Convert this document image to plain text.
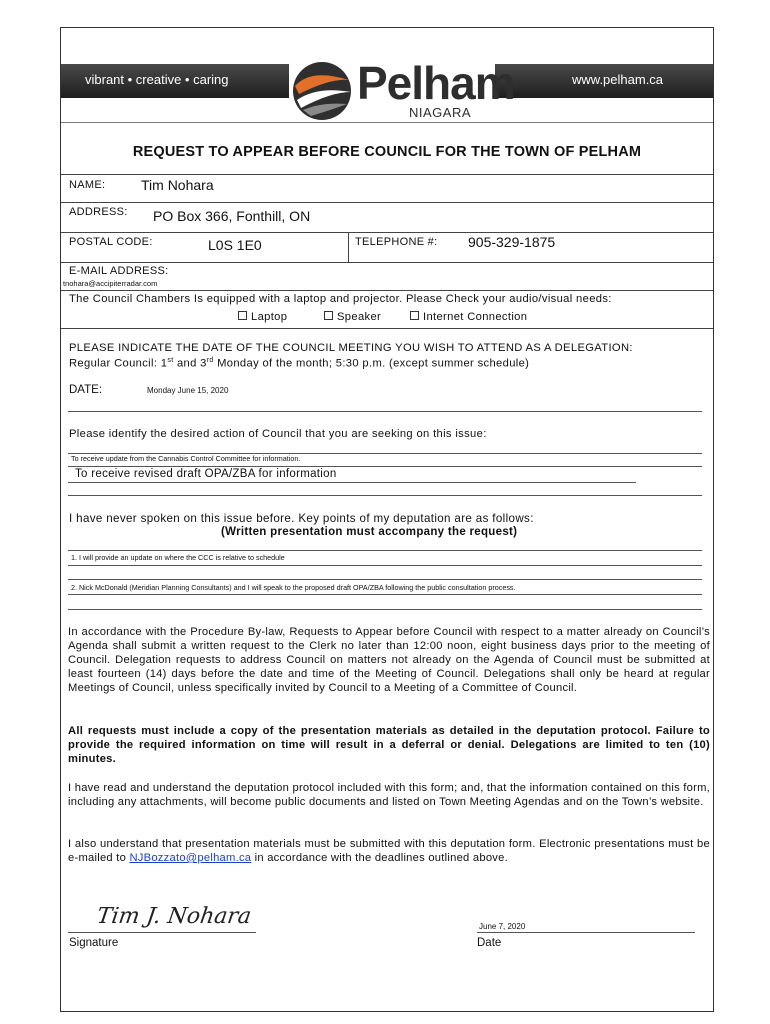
vibrant • creative • caring	www.pelham.ca
Pelham
NIAGARA
REQUEST TO APPEAR BEFORE COUNCIL FOR THE TOWN OF PELHAM
NAME:	Tim Nohara
ADDRESS: PO Box 366, Fonthill, ON
POSTAL CODE:	L0S 1E0	TELEPHONE #: 905-329-1875
E-MAIL ADDRESS:
tnohara@accipiterradar.com
The Council Chambers Is equipped with a laptop and projector. Please Check your audio/visual needs:
Laptop	Speaker	Internet Connection
PLEASE INDICATE THE DATE OF THE COUNCIL MEETING YOU WISH TO ATTEND AS A DELEGATION:
Regular Council: 1st and 3rd Monday of the month; 5:30 p.m. (except summer schedule)
DATE:	Monday June 15, 2020
Please identify the desired action of Council that you are seeking on this issue:
To receive update from the Cannabis Control Committee for information.
To receive revised draft OPA/ZBA for information
I have never spoken on this issue before. Key points of my deputation are as follows:
(Written presentation must accompany the request)
1. I will provide an update on where the CCC is relative to schedule
2. Nick McDonald (Meridian Planning Consultants) and I will speak to the proposed draft OPA/ZBA following the public consultation process.
In accordance with the Procedure By-law, Requests to Appear before Council with respect to a matter already on Council’s Agenda shall submit a written request to the Clerk no later than 12:00 noon, eight business days prior to the meeting of Council. Delegation requests to address Council on matters not already on the Agenda of Council must be submitted at least fourteen (14) days before the date and time of the Meeting of Council. Delegations shall only be heard at regular Meetings of Council, unless specifically invited by Council to a Meeting of a Committee of Council.
All requests must include a copy of the presentation materials as detailed in the deputation protocol. Failure to provide the required information on time will result in a deferral or denial. Delegations are limited to ten (10) minutes.
I have read and understand the deputation protocol included with this form; and, that the information contained on this form, including any attachments, will become public documents and listed on Town Meeting Agendas and on the Town’s website.
I also understand that presentation materials must be submitted with this deputation form. Electronic presentations must be e-mailed to NJBozzato@pelham.ca in accordance with the deadlines outlined above.
Tim J. Nohara
Signature
June 7, 2020
Date
